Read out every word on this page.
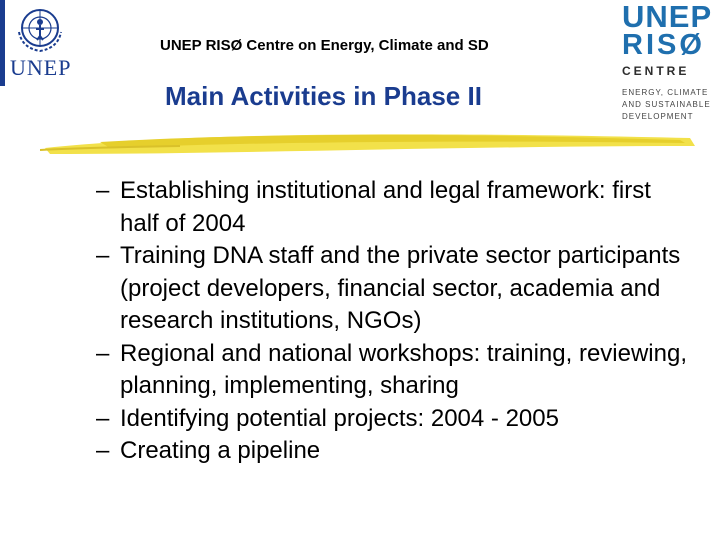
UNEP
UNEP RISØ Centre on Energy, Climate and SD
Main Activities in Phase II
UNEP
RISØ
CENTRE
ENERGY, CLIMATE
AND SUSTAINABLE
DEVELOPMENT
– Establishing institutional and legal framework: first half of 2004
– Training DNA staff and the private sector participants (project developers, financial sector, academia and research institutions, NGOs)
– Regional and national workshops: training, reviewing, planning, implementing, sharing
– Identifying potential projects: 2004 - 2005
– Creating a pipeline
